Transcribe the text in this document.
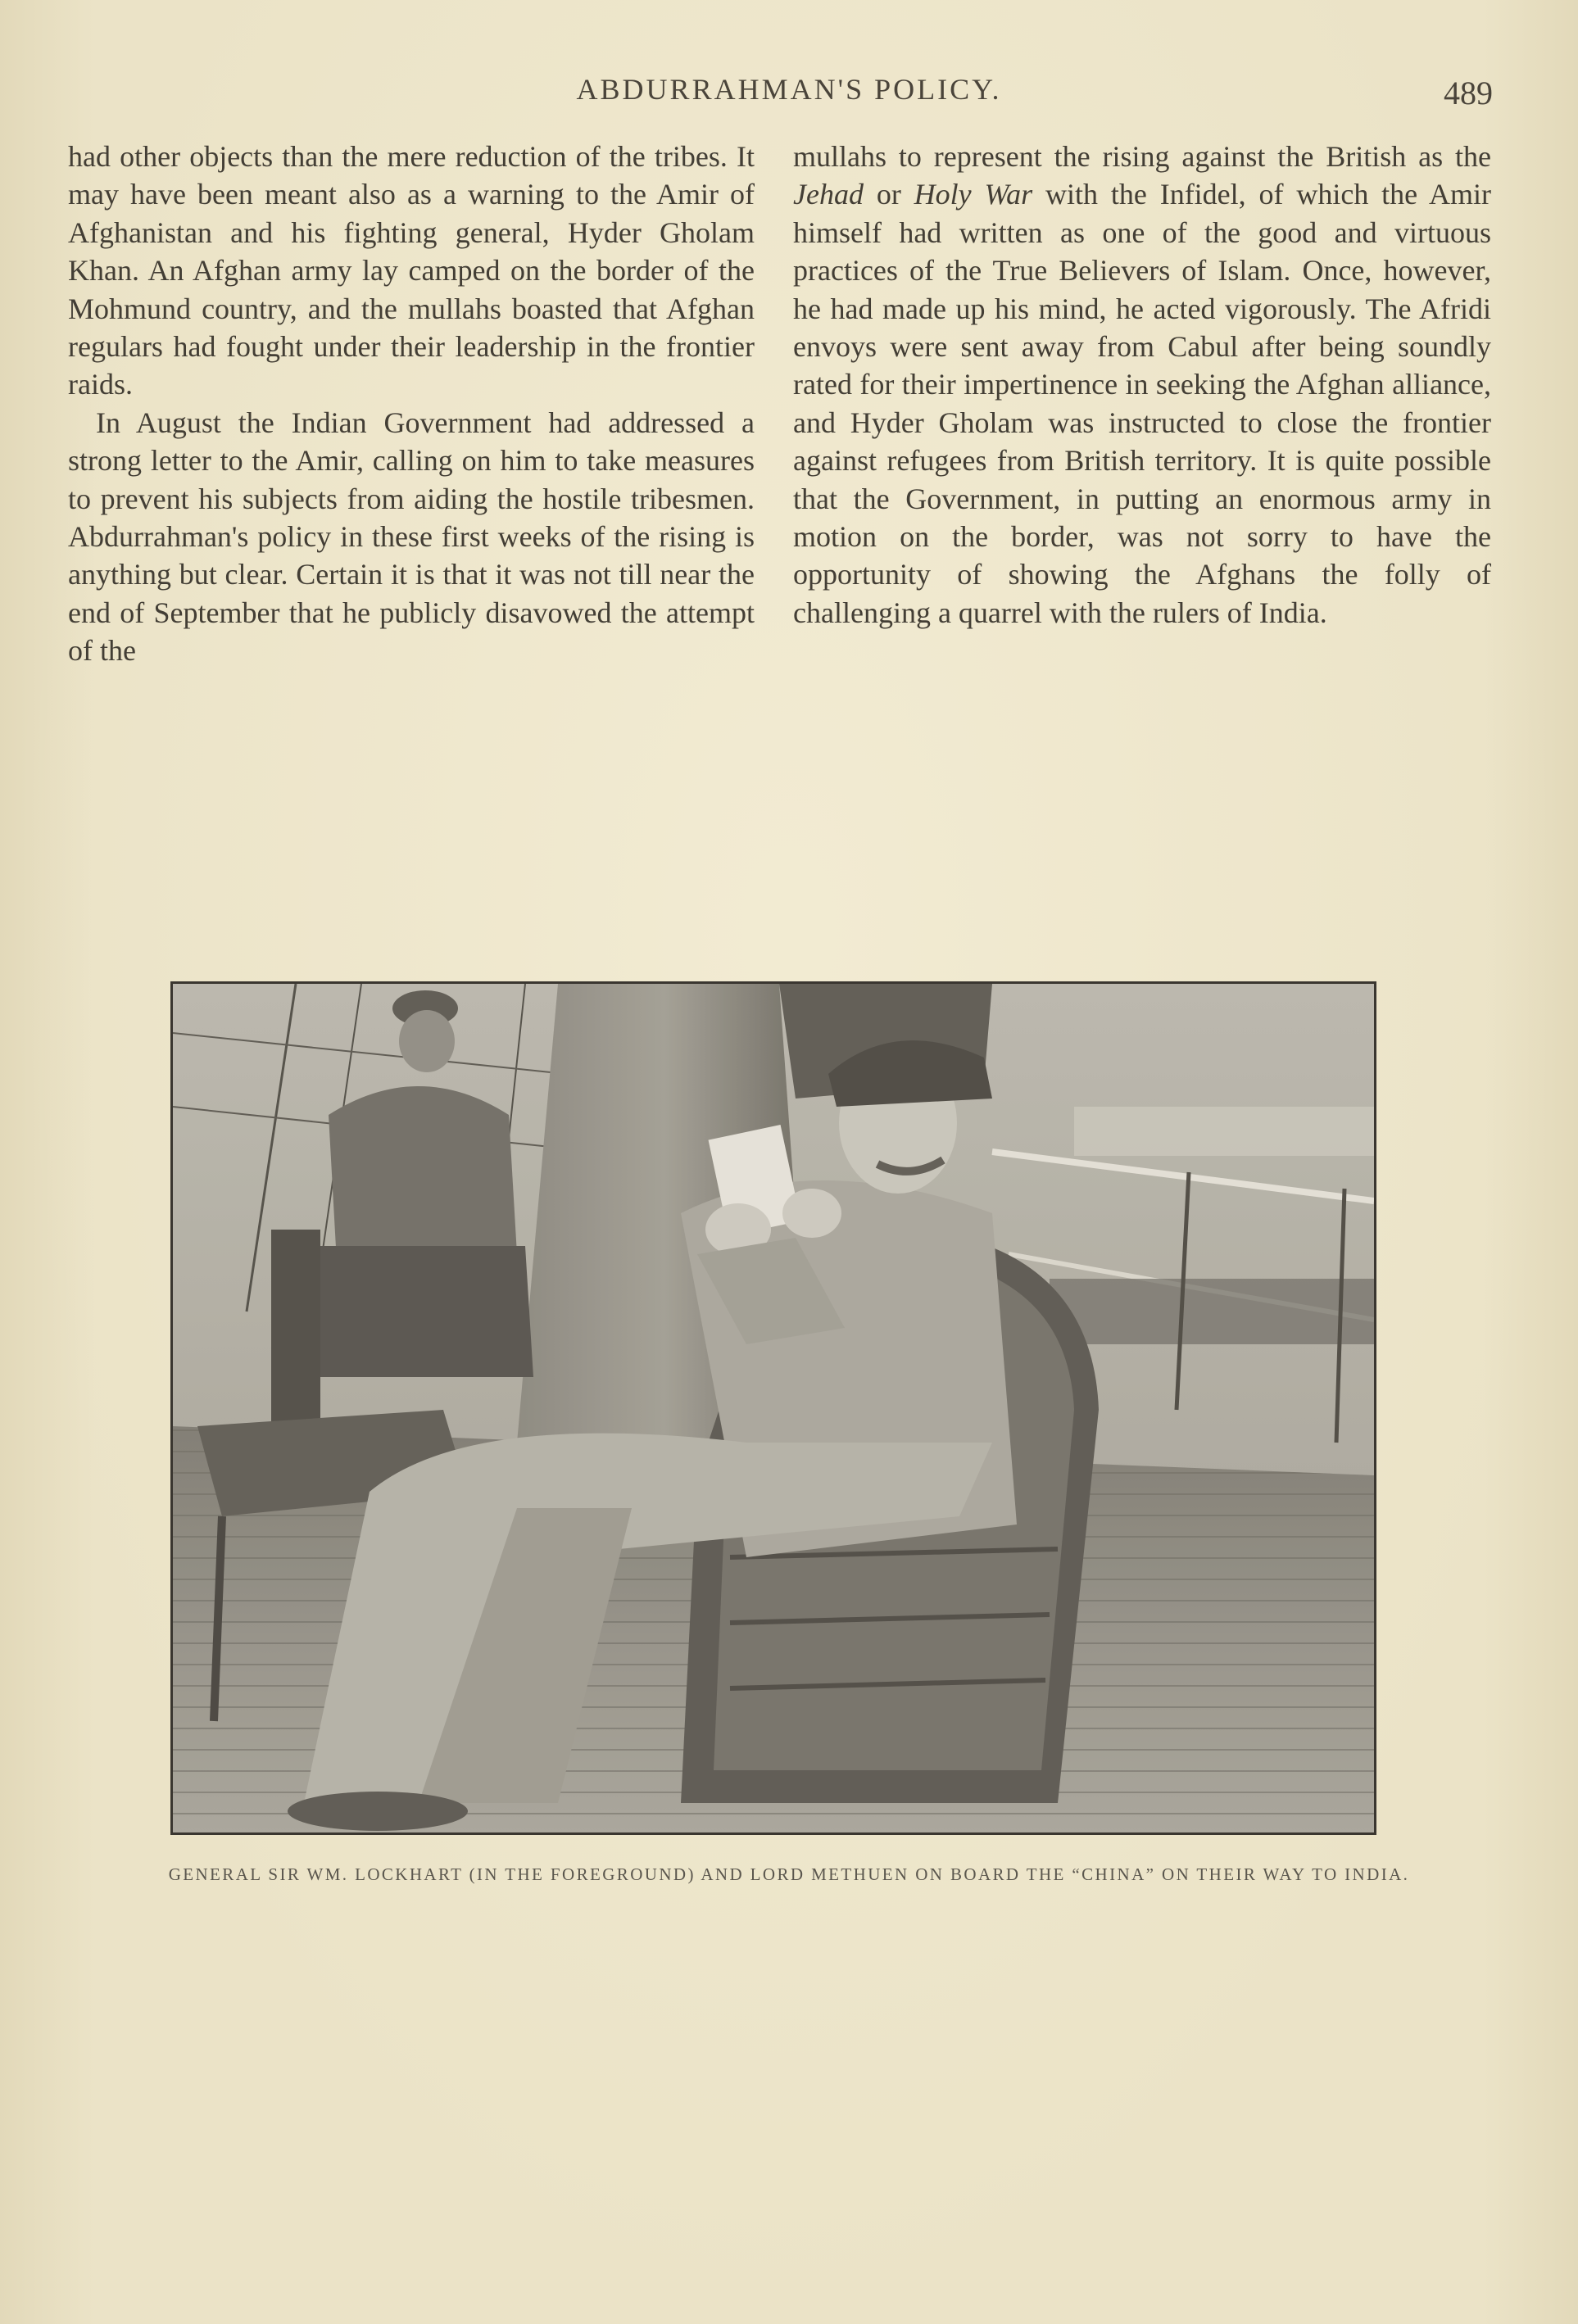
ABDURRAHMAN'S POLICY.	489

had other objects than the mere reduction of the tribes. It may have been meant also as a warning to the Amir of Afghanistan and his fighting general, Hyder Gholam Khan. An Afghan army lay camped on the border of the Mohmund country, and the mullahs boasted that Afghan regulars had fought under their leadership in the frontier raids.

In August the Indian Government had addressed a strong letter to the Amir, calling on him to take measures to prevent his subjects from aiding the hostile tribesmen. Abdurrahman's policy in these first weeks of the rising is anything but clear. Certain it is that it was not till near the end of September that he publicly disavowed the attempt of the

mullahs to represent the rising against the British as the Jehad or Holy War with the Infidel, of which the Amir himself had written as one of the good and virtuous practices of the True Believers of Islam. Once, however, he had made up his mind, he acted vigorously. The Afridi envoys were sent away from Cabul after being soundly rated for their impertinence in seeking the Afghan alliance, and Hyder Gholam was instructed to close the frontier against refugees from British territory. It is quite possible that the Government, in putting an enormous army in motion on the border, was not sorry to have the opportunity of showing the Afghans the folly of challenging a quarrel with the rulers of India.

GENERAL SIR WM. LOCKHART (IN THE FOREGROUND) AND LORD METHUEN ON BOARD THE “CHINA” ON THEIR WAY TO INDIA.
